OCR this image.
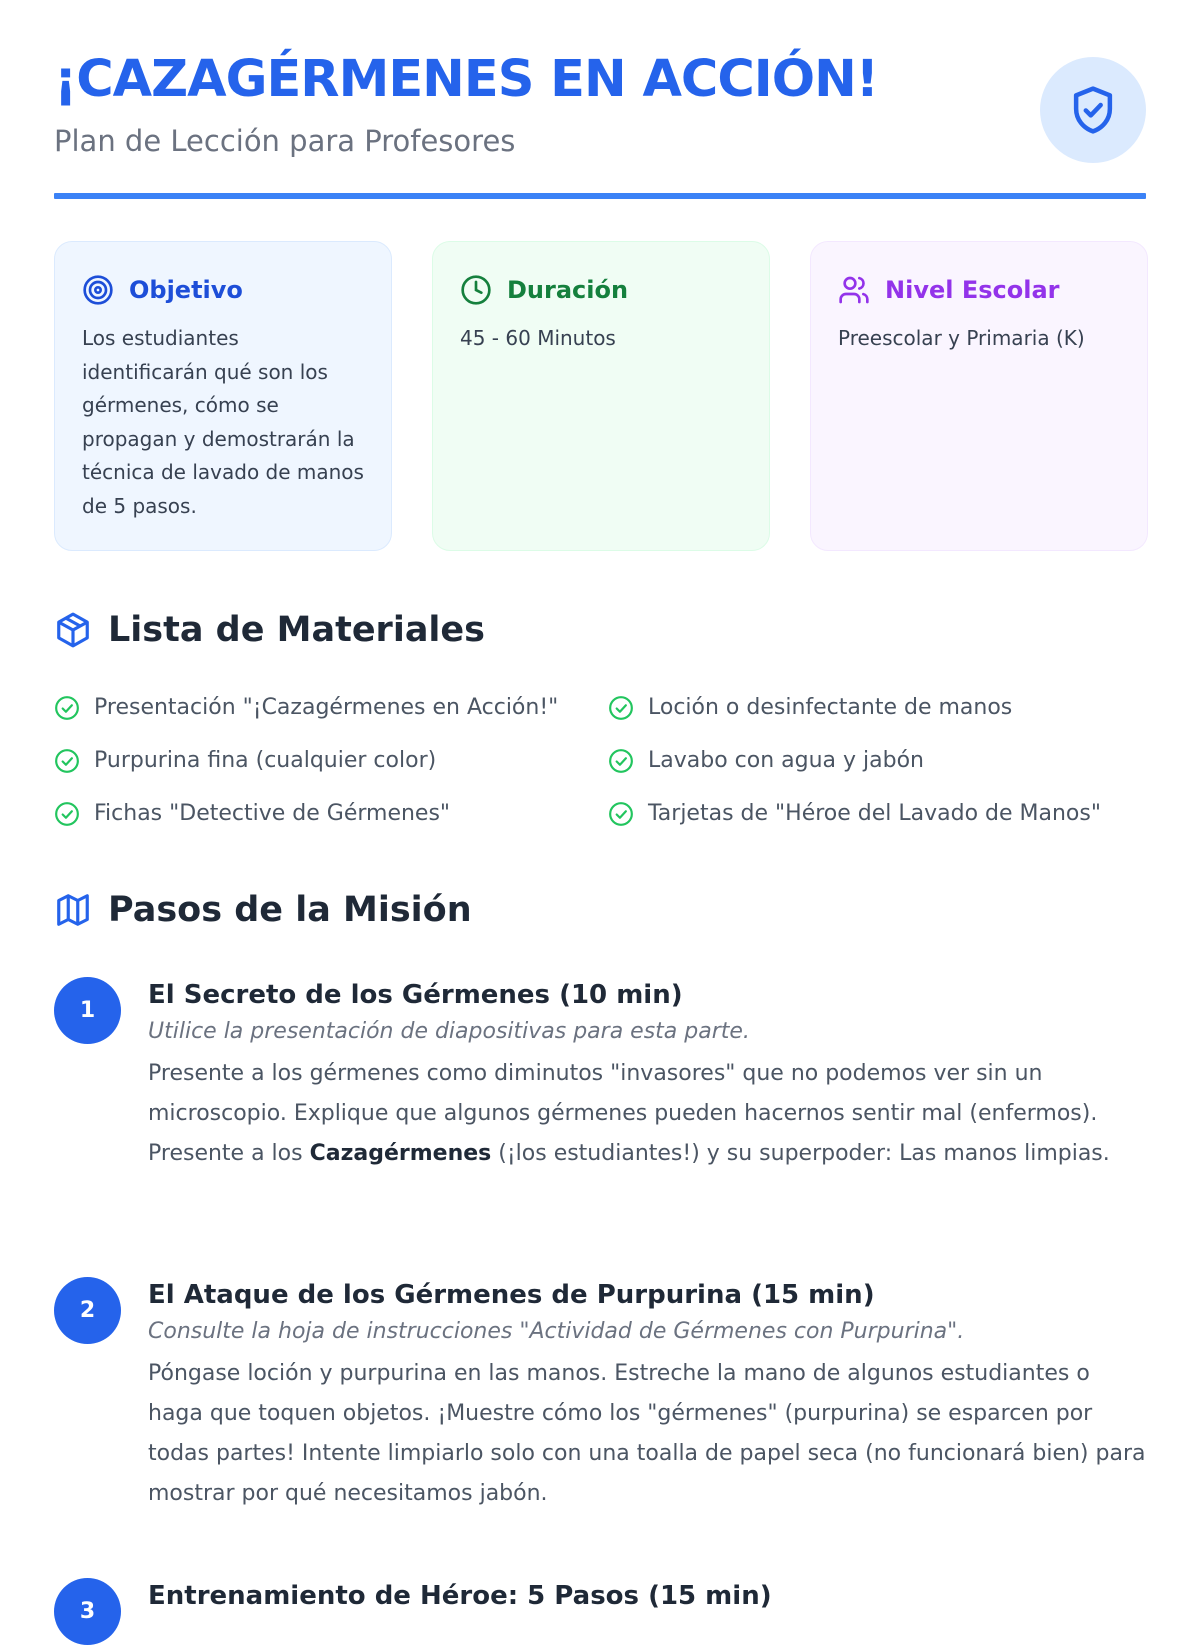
¡CAZAGÉRMENES EN ACCIÓN!
Plan de Lección para Profesores
Objetivo

Los estudiantes identificarán qué son los gérmenes, cómo se propagan y demostrarán la técnica de lavado de manos de 5 pasos.

Duración

45 - 60 Minutos

Nivel Escolar

Preescolar y Primaria (K)

Lista de Materiales
Presentación "¡Cazagérmenes en Acción!"	Loción o desinfectante de manos
Purpurina fina (cualquier color)	Lavabo con agua y jabón
Fichas "Detective de Gérmenes"	Tarjetas de "Héroe del Lavado de Manos"
Pasos de la Misión
1
El Secreto de los Gérmenes (10 min)

Utilice la presentación de diapositivas para esta parte.

Presente a los gérmenes como diminutos "invasores" que no podemos ver sin un microscopio. Explique que algunos gérmenes pueden hacernos sentir mal (enfermos). Presente a los Cazagérmenes (¡los estudiantes!) y su superpoder: Las manos limpias.

2
El Ataque de los Gérmenes de Purpurina (15 min)

Consulte la hoja de instrucciones "Actividad de Gérmenes con Purpurina".

Póngase loción y purpurina en las manos. Estreche la mano de algunos estudiantes o haga que toquen objetos. ¡Muestre cómo los "gérmenes" (purpurina) se esparcen por todas partes! Intente limpiarlo solo con una toalla de papel seca (no funcionará bien) para mostrar por qué necesitamos jabón.

3
Entrenamiento de Héroe: 5 Pasos (15 min)
